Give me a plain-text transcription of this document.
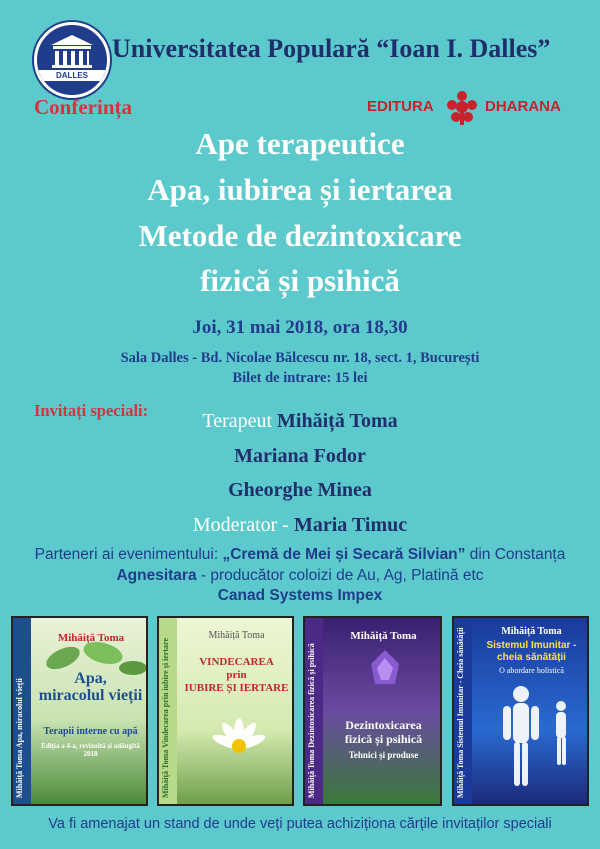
DALLES
Universitatea Populară “Ioan I. Dalles”
Conferința	EDITURA	DHARANA
Ape terapeutice
Apa, iubirea și iertarea
Metode de dezintoxicare
fizică și psihică
Joi, 31 mai 2018, ora 18,30
Sala Dalles - Bd. Nicolae Bălcescu nr. 18, sect. 1, București
Bilet de intrare: 15 lei
Invitați speciali:	Terapeut Mihăiță Toma
Mariana Fodor
Gheorghe Minea
Moderator - Maria Timuc
Parteneri ai evenimentului: „Cremă de Mei și Secară Silvian” din Constanța
Agnesitara - producător coloizi de Au, Ag, Platină etc
Canad Systems Impex
Mihăiță Toma Apa, miracolul vieții
Mihăiță Toma
Apa,
miracolul vieții
Terapii interne cu apă
Ediția a 4-a, revizuită și adăugită 2018	Mihăiță Toma Vindecarea prin iubire și iertare
Mihăiță Toma
VINDECAREA
prin
IUBIRE ȘI IERTARE	Mihăiță Toma Dezintoxicarea fizică și psihică
Mihăiță Toma
Dezintoxicarea
fizică și psihică
Tehnici și produse	Mihăiță Toma Sistemul Imunitar - Cheia sănătății	Mihăiță Toma
Sistemul Imunitar -
cheia sănătății
O abordare holistică
Va fi amenajat un stand de unde veți putea achiziționa cărțile invitaților speciali
